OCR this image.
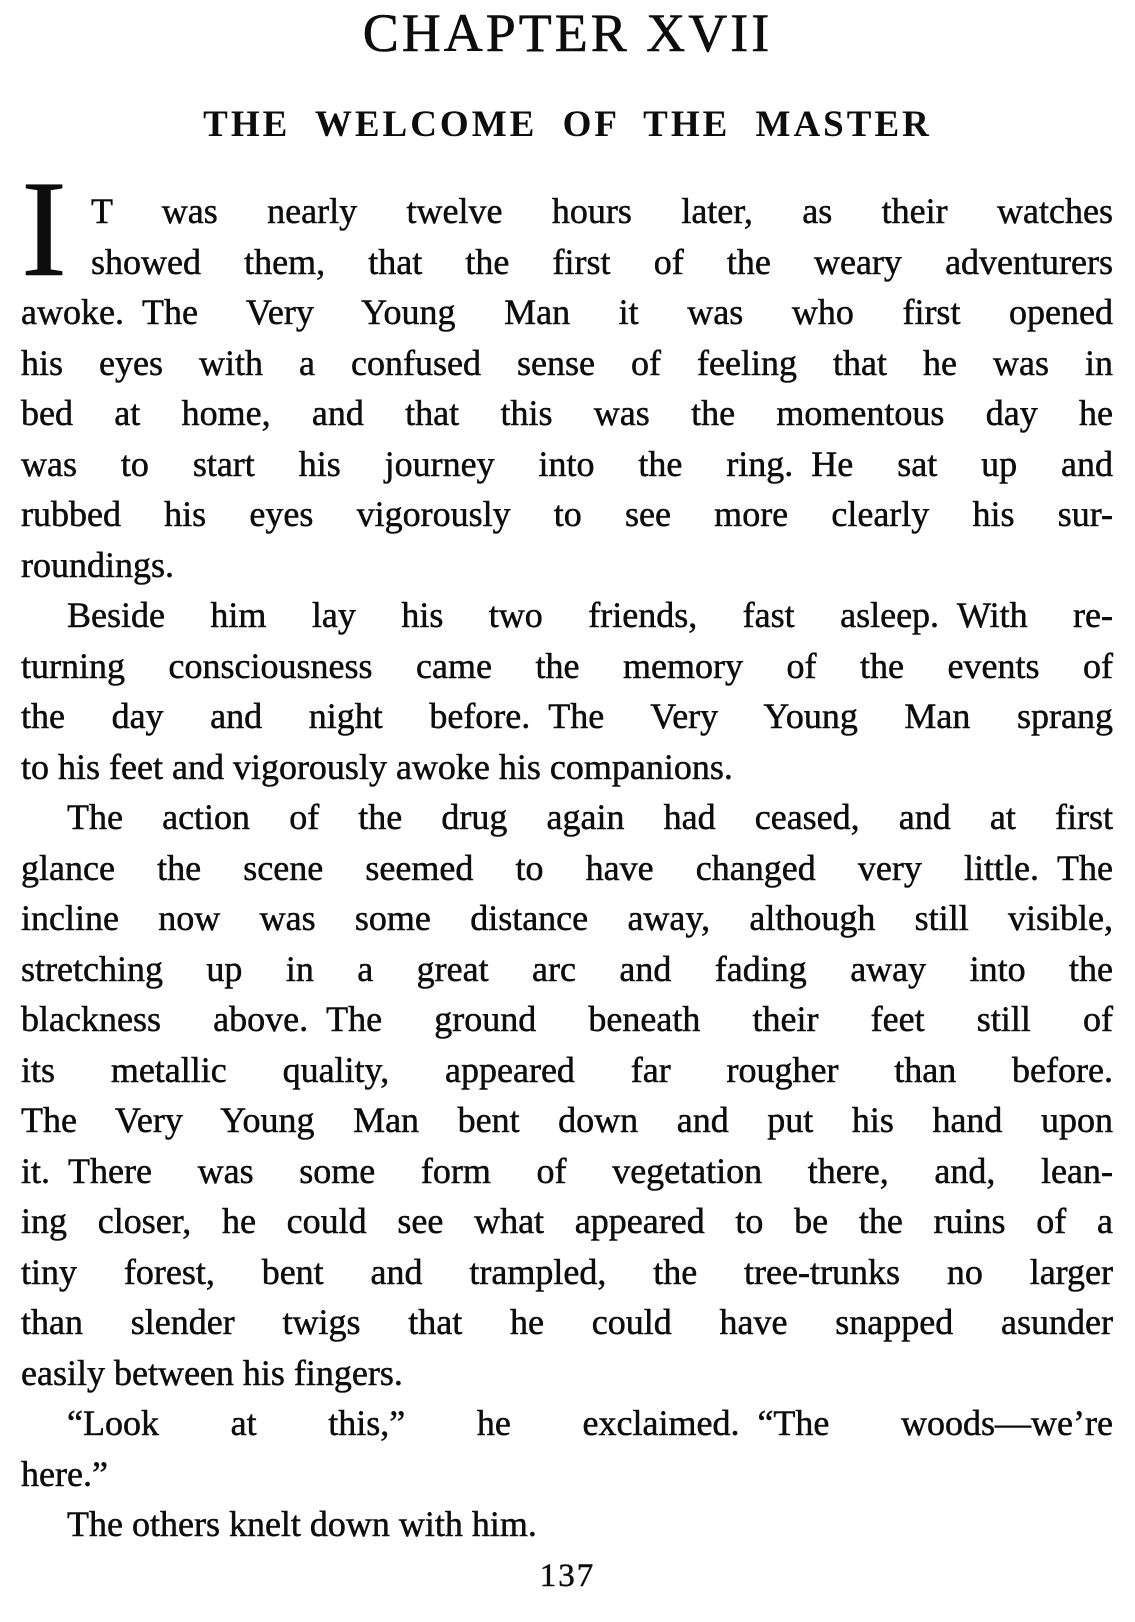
CHAPTER XVII
THE WELCOME OF THE MASTER
I T was nearly twelve hours later, as their watches
showed them, that the first of the weary adventurers
awoke. The Very Young Man it was who first opened
his eyes with a confused sense of feeling that he was in
bed at home, and that this was the momentous day he
was to start his journey into the ring. He sat up and
rubbed his eyes vigorously to see more clearly his sur-
roundings.
Beside him lay his two friends, fast asleep. With re-
turning consciousness came the memory of the events of
the day and night before. The Very Young Man sprang
to his feet and vigorously awoke his companions.
The action of the drug again had ceased, and at first
glance the scene seemed to have changed very little. The
incline now was some distance away, although still visible,
stretching up in a great arc and fading away into the
blackness above. The ground beneath their feet still of
its metallic quality, appeared far rougher than before.
The Very Young Man bent down and put his hand upon
it. There was some form of vegetation there, and, lean-
ing closer, he could see what appeared to be the ruins of a
tiny forest, bent and trampled, the tree-trunks no larger
than slender twigs that he could have snapped asunder
easily between his fingers.
“Look at this,” he exclaimed. “The woods—we’re
here.”
The others knelt down with him.
137
